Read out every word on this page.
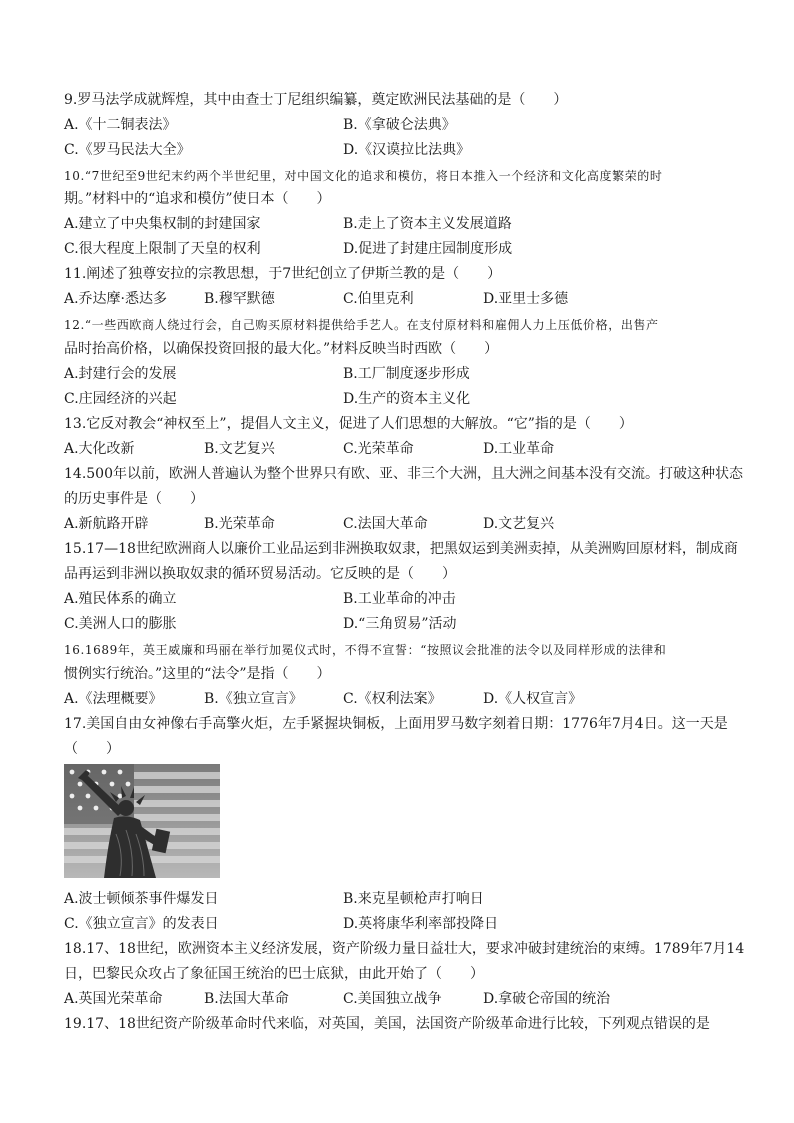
9.罗马法学成就辉煌，其中由查士丁尼组织编纂，奠定欧洲民法基础的是（　　）
A.《十二铜表法》	B.《拿破仑法典》
C.《罗马民法大全》	D.《汉谟拉比法典》
10.“7世纪至9世纪末约两个半世纪里，对中国文化的追求和模仿，将日本推入一个经济和文化高度繁荣的时
期。”材料中的“追求和模仿”使日本（　　）
A.建立了中央集权制的封建国家	B.走上了资本主义发展道路
C.很大程度上限制了天皇的权利	D.促进了封建庄园制度形成
11.阐述了独尊安拉的宗教思想，于7世纪创立了伊斯兰教的是（　　）
A.乔达摩·悉达多	B.穆罕默德	C.伯里克利	D.亚里士多德
12.“一些西欧商人绕过行会，自己购买原材料提供给手艺人。在支付原材料和雇佣人力上压低价格，出售产
品时抬高价格，以确保投资回报的最大化。”材料反映当时西欧（　　）
A.封建行会的发展	B.工厂制度逐步形成
C.庄园经济的兴起	D.生产的资本主义化
13.它反对教会“神权至上”，提倡人文主义，促进了人们思想的大解放。“它”指的是（　　）
A.大化改新	B.文艺复兴	C.光荣革命	D.工业革命
14.500年以前，欧洲人普遍认为整个世界只有欧、亚、非三个大洲，且大洲之间基本没有交流。打破这种状态
的历史事件是（　　）
A.新航路开辟	B.光荣革命	C.法国大革命	D.文艺复兴
15.17—18世纪欧洲商人以廉价工业品运到非洲换取奴隶，把黑奴运到美洲卖掉，从美洲购回原材料，制成商
品再运到非洲以换取奴隶的循环贸易活动。它反映的是（　　）
A.殖民体系的确立	B.工业革命的冲击
C.美洲人口的膨胀	D.“三角贸易”活动
16.1689年，英王威廉和玛丽在举行加冕仪式时，不得不宣誓：“按照议会批准的法令以及同样形成的法律和
惯例实行统治。”这里的“法令”是指（　　）
A.《法理概要》	B.《独立宣言》	C.《权利法案》	D.《人权宣言》
17.美国自由女神像右手高擎火炬，左手紧握块铜板，上面用罗马数字刻着日期：1776年7月4日。这一天是
（　　）
A.波士顿倾茶事件爆发日	B.来克星顿枪声打响日
C.《独立宣言》的发表日	D.英将康华利率部投降日
18.17、18世纪，欧洲资本主义经济发展，资产阶级力量日益壮大，要求冲破封建统治的束缚。1789年7月14
日，巴黎民众攻占了象征国王统治的巴士底狱，由此开始了（　　）
A.英国光荣革命	B.法国大革命	C.美国独立战争	D.拿破仑帝国的统治
19.17、18世纪资产阶级革命时代来临，对英国，美国，法国资产阶级革命进行比较，下列观点错误的是
